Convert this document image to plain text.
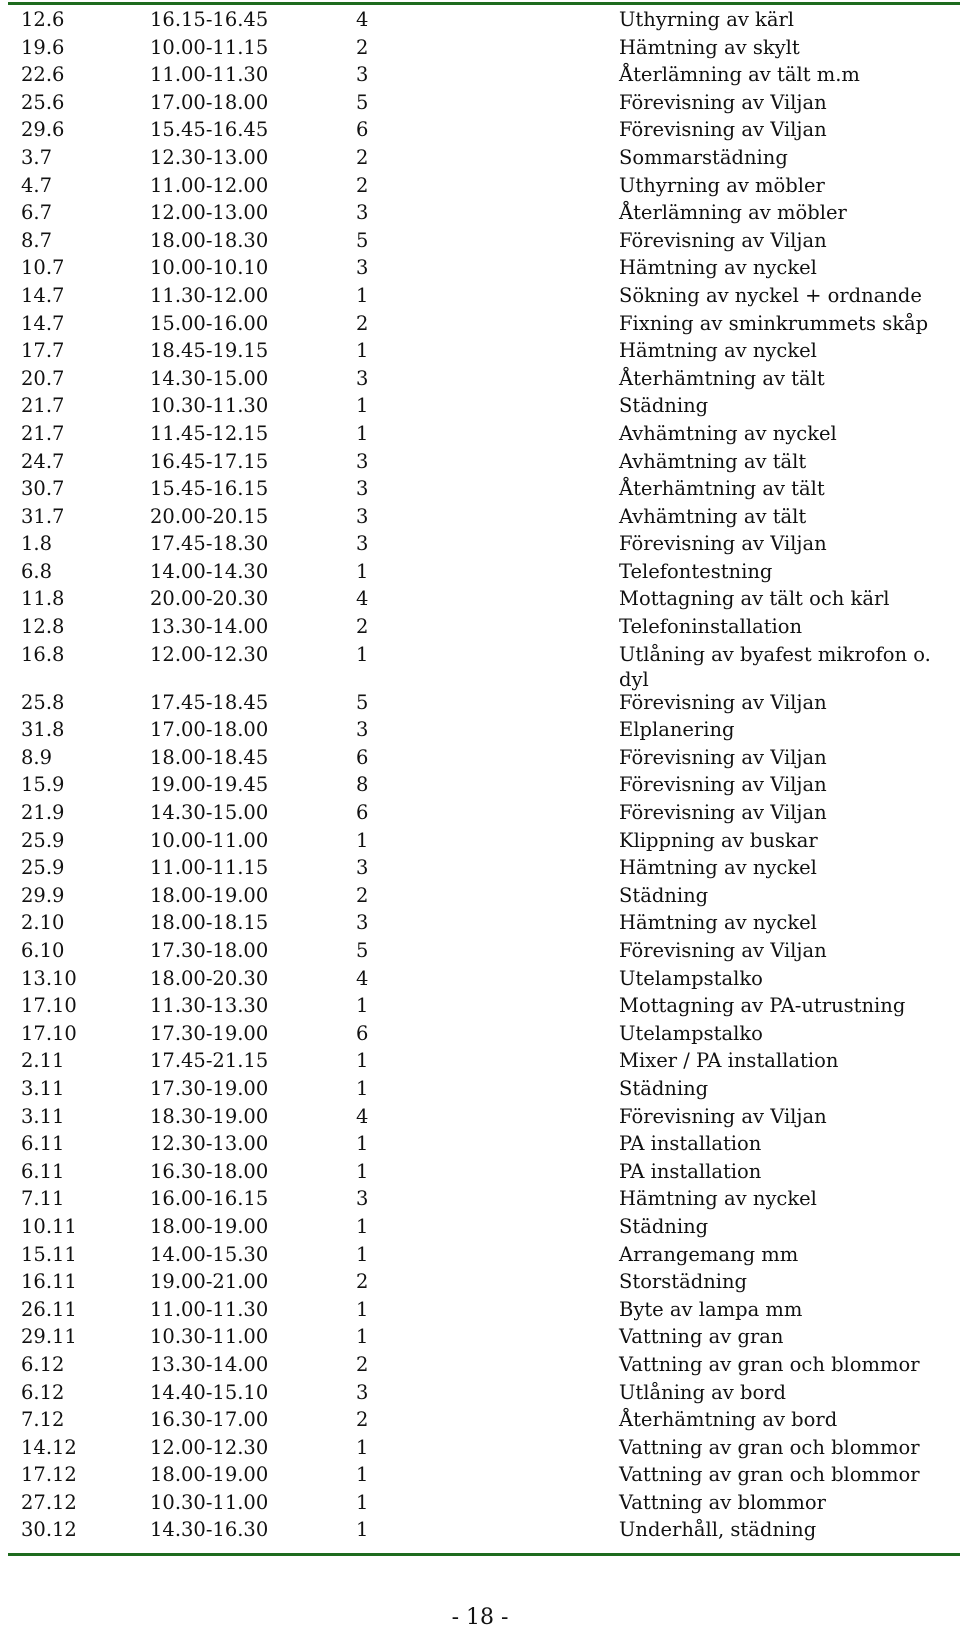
12.6	16.15-16.45	4	Uthyrning av kärl
19.6	10.00-11.15	2	Hämtning av skylt
22.6	11.00-11.30	3	Återlämning av tält m.m
25.6	17.00-18.00	5	Förevisning av Viljan
29.6	15.45-16.45	6	Förevisning av Viljan
3.7	12.30-13.00	2	Sommarstädning
4.7	11.00-12.00	2	Uthyrning av möbler
6.7	12.00-13.00	3	Återlämning av möbler
8.7	18.00-18.30	5	Förevisning av Viljan
10.7	10.00-10.10	3	Hämtning av nyckel
14.7	11.30-12.00	1	Sökning av nyckel + ordnande
14.7	15.00-16.00	2	Fixning av sminkrummets skåp
17.7	18.45-19.15	1	Hämtning av nyckel
20.7	14.30-15.00	3	Återhämtning av tält
21.7	10.30-11.30	1	Städning
21.7	11.45-12.15	1	Avhämtning av nyckel
24.7	16.45-17.15	3	Avhämtning av tält
30.7	15.45-16.15	3	Återhämtning av tält
31.7	20.00-20.15	3	Avhämtning av tält
1.8	17.45-18.30	3	Förevisning av Viljan
6.8	14.00-14.30	1	Telefontestning
11.8	20.00-20.30	4	Mottagning av tält och kärl
12.8	13.30-14.00	2	Telefoninstallation
16.8	12.00-12.30	1	Utlåning av byafest mikrofon o. dyl
25.8	17.45-18.45	5	Förevisning av Viljan
31.8	17.00-18.00	3	Elplanering
8.9	18.00-18.45	6	Förevisning av Viljan
15.9	19.00-19.45	8	Förevisning av Viljan
21.9	14.30-15.00	6	Förevisning av Viljan
25.9	10.00-11.00	1	Klippning av buskar
25.9	11.00-11.15	3	Hämtning av nyckel
29.9	18.00-19.00	2	Städning
2.10	18.00-18.15	3	Hämtning av nyckel
6.10	17.30-18.00	5	Förevisning av Viljan
13.10	18.00-20.30	4	Utelampstalko
17.10	11.30-13.30	1	Mottagning av PA-utrustning
17.10	17.30-19.00	6	Utelampstalko
2.11	17.45-21.15	1	Mixer / PA installation
3.11	17.30-19.00	1	Städning
3.11	18.30-19.00	4	Förevisning av Viljan
6.11	12.30-13.00	1	PA installation
6.11	16.30-18.00	1	PA installation
7.11	16.00-16.15	3	Hämtning av nyckel
10.11	18.00-19.00	1	Städning
15.11	14.00-15.30	1	Arrangemang mm
16.11	19.00-21.00	2	Storstädning
26.11	11.00-11.30	1	Byte av lampa mm
29.11	10.30-11.00	1	Vattning av gran
6.12	13.30-14.00	2	Vattning av gran och blommor
6.12	14.40-15.10	3	Utlåning av bord
7.12	16.30-17.00	2	Återhämtning av bord
14.12	12.00-12.30	1	Vattning av gran och blommor
17.12	18.00-19.00	1	Vattning av gran och blommor
27.12	10.30-11.00	1	Vattning av blommor
30.12	14.30-16.30	1	Underhåll, städning
- 18 -
